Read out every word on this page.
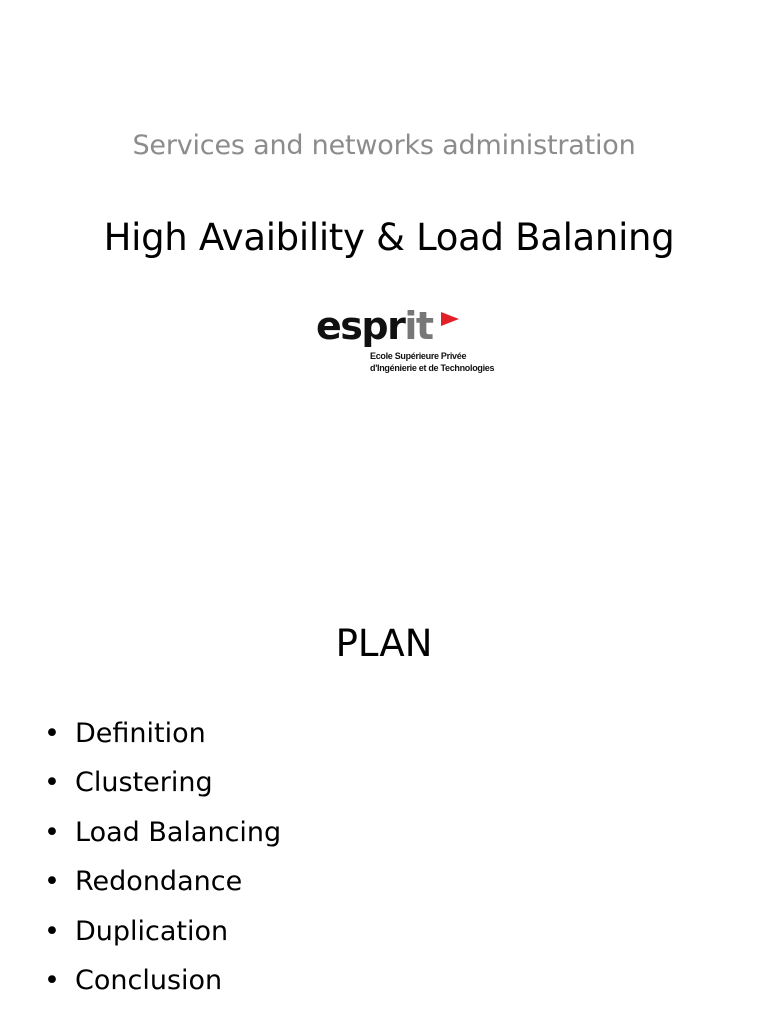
Services and networks administration
High Avaibility & Load Balaning
esprit
Ecole Supérieure Privée
d'Ingénierie et de Technologies
PLAN
• Definition
• Clustering
• Load Balancing
• Redondance
• Duplication
• Conclusion
